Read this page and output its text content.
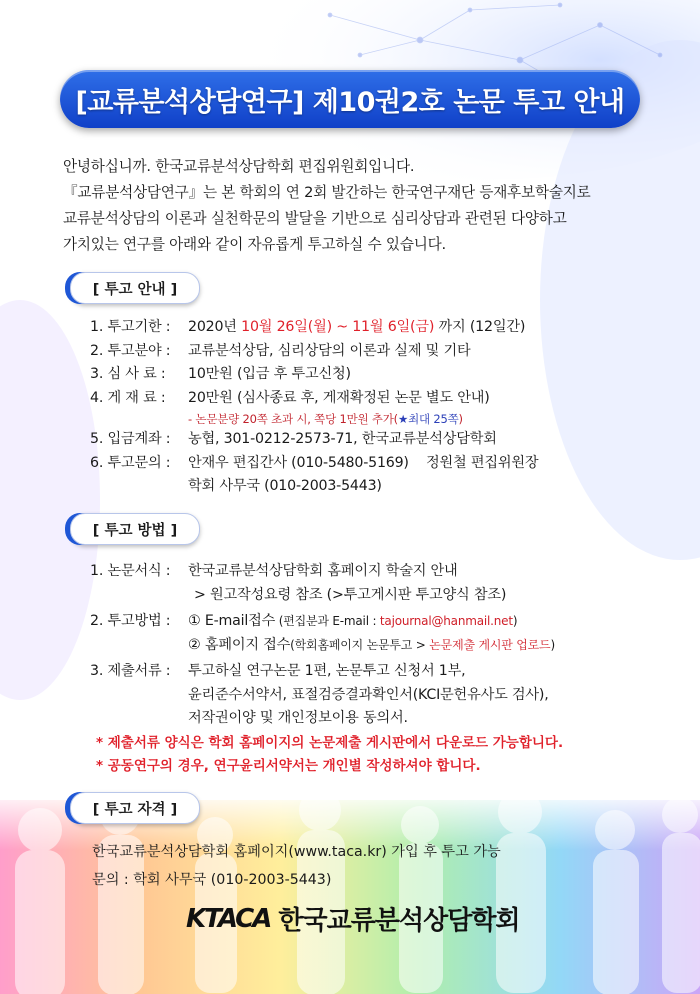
[교류분석상담연구] 제10권2호 논문 투고 안내
안녕하십니까. 한국교류분석상담학회 편집위원회입니다.
『교류분석상담연구』는 본 학회의 연 2회 발간하는 한국연구재단 등재후보학술지로
교류분석상담의 이론과 실천학문의 발달을 기반으로 심리상담과 관련된 다양하고
가치있는 연구를 아래와 같이 자유롭게 투고하실 수 있습니다.
[ 투고 안내 ]
1. 투고기한 :	2020년 10월 26일(월) ~ 11월 6일(금) 까지 (12일간)
2. 투고분야 :	교류분석상담, 심리상담의 이론과 실제 및 기타
3. 심 사 료 :	10만원 (입금 후 투고신청)
4. 게 재 료 :	20만원 (심사종료 후, 게재확정된 논문 별도 안내)
- 논문분량 20쪽 초과 시, 쪽당 1만원 추가(★최대 25쪽)
5. 입금계좌 :	농협, 301-0212-2573-71, 한국교류분석상담학회
6. 투고문의 :	안재우 편집간사 (010-5480-5169)    정원철 편집위원장
학회 사무국 (010-2003-5443)
[ 투고 방법 ]
1. 논문서식 :	한국교류분석상담학회 홈페이지 학술지 안내
> 원고작성요령 참조 (>투고게시판 투고양식 참조)
2. 투고방법 :	① E-mail접수 (편집분과 E-mail : tajournal@hanmail.net)
② 홈페이지 접수(학회홈페이지 논문투고 > 논문제출 게시판 업로드)
3. 제출서류 :	투고하실 연구논문 1편, 논문투고 신청서 1부,
윤리준수서약서, 표절검증결과확인서(KCI문헌유사도 검사),
저작권이양 및 개인정보이용 동의서.
* 제출서류 양식은 학회 홈페이지의 논문제출 게시판에서 다운로드 가능합니다.
* 공동연구의 경우, 연구윤리서약서는 개인별 작성하셔야 합니다.
[ 투고 자격 ]
한국교류분석상담학회 홈페이지(www.taca.kr) 가입 후 투고 가능
문의 : 학회 사무국 (010-2003-5443)
KTACA 한국교류분석상담학회
